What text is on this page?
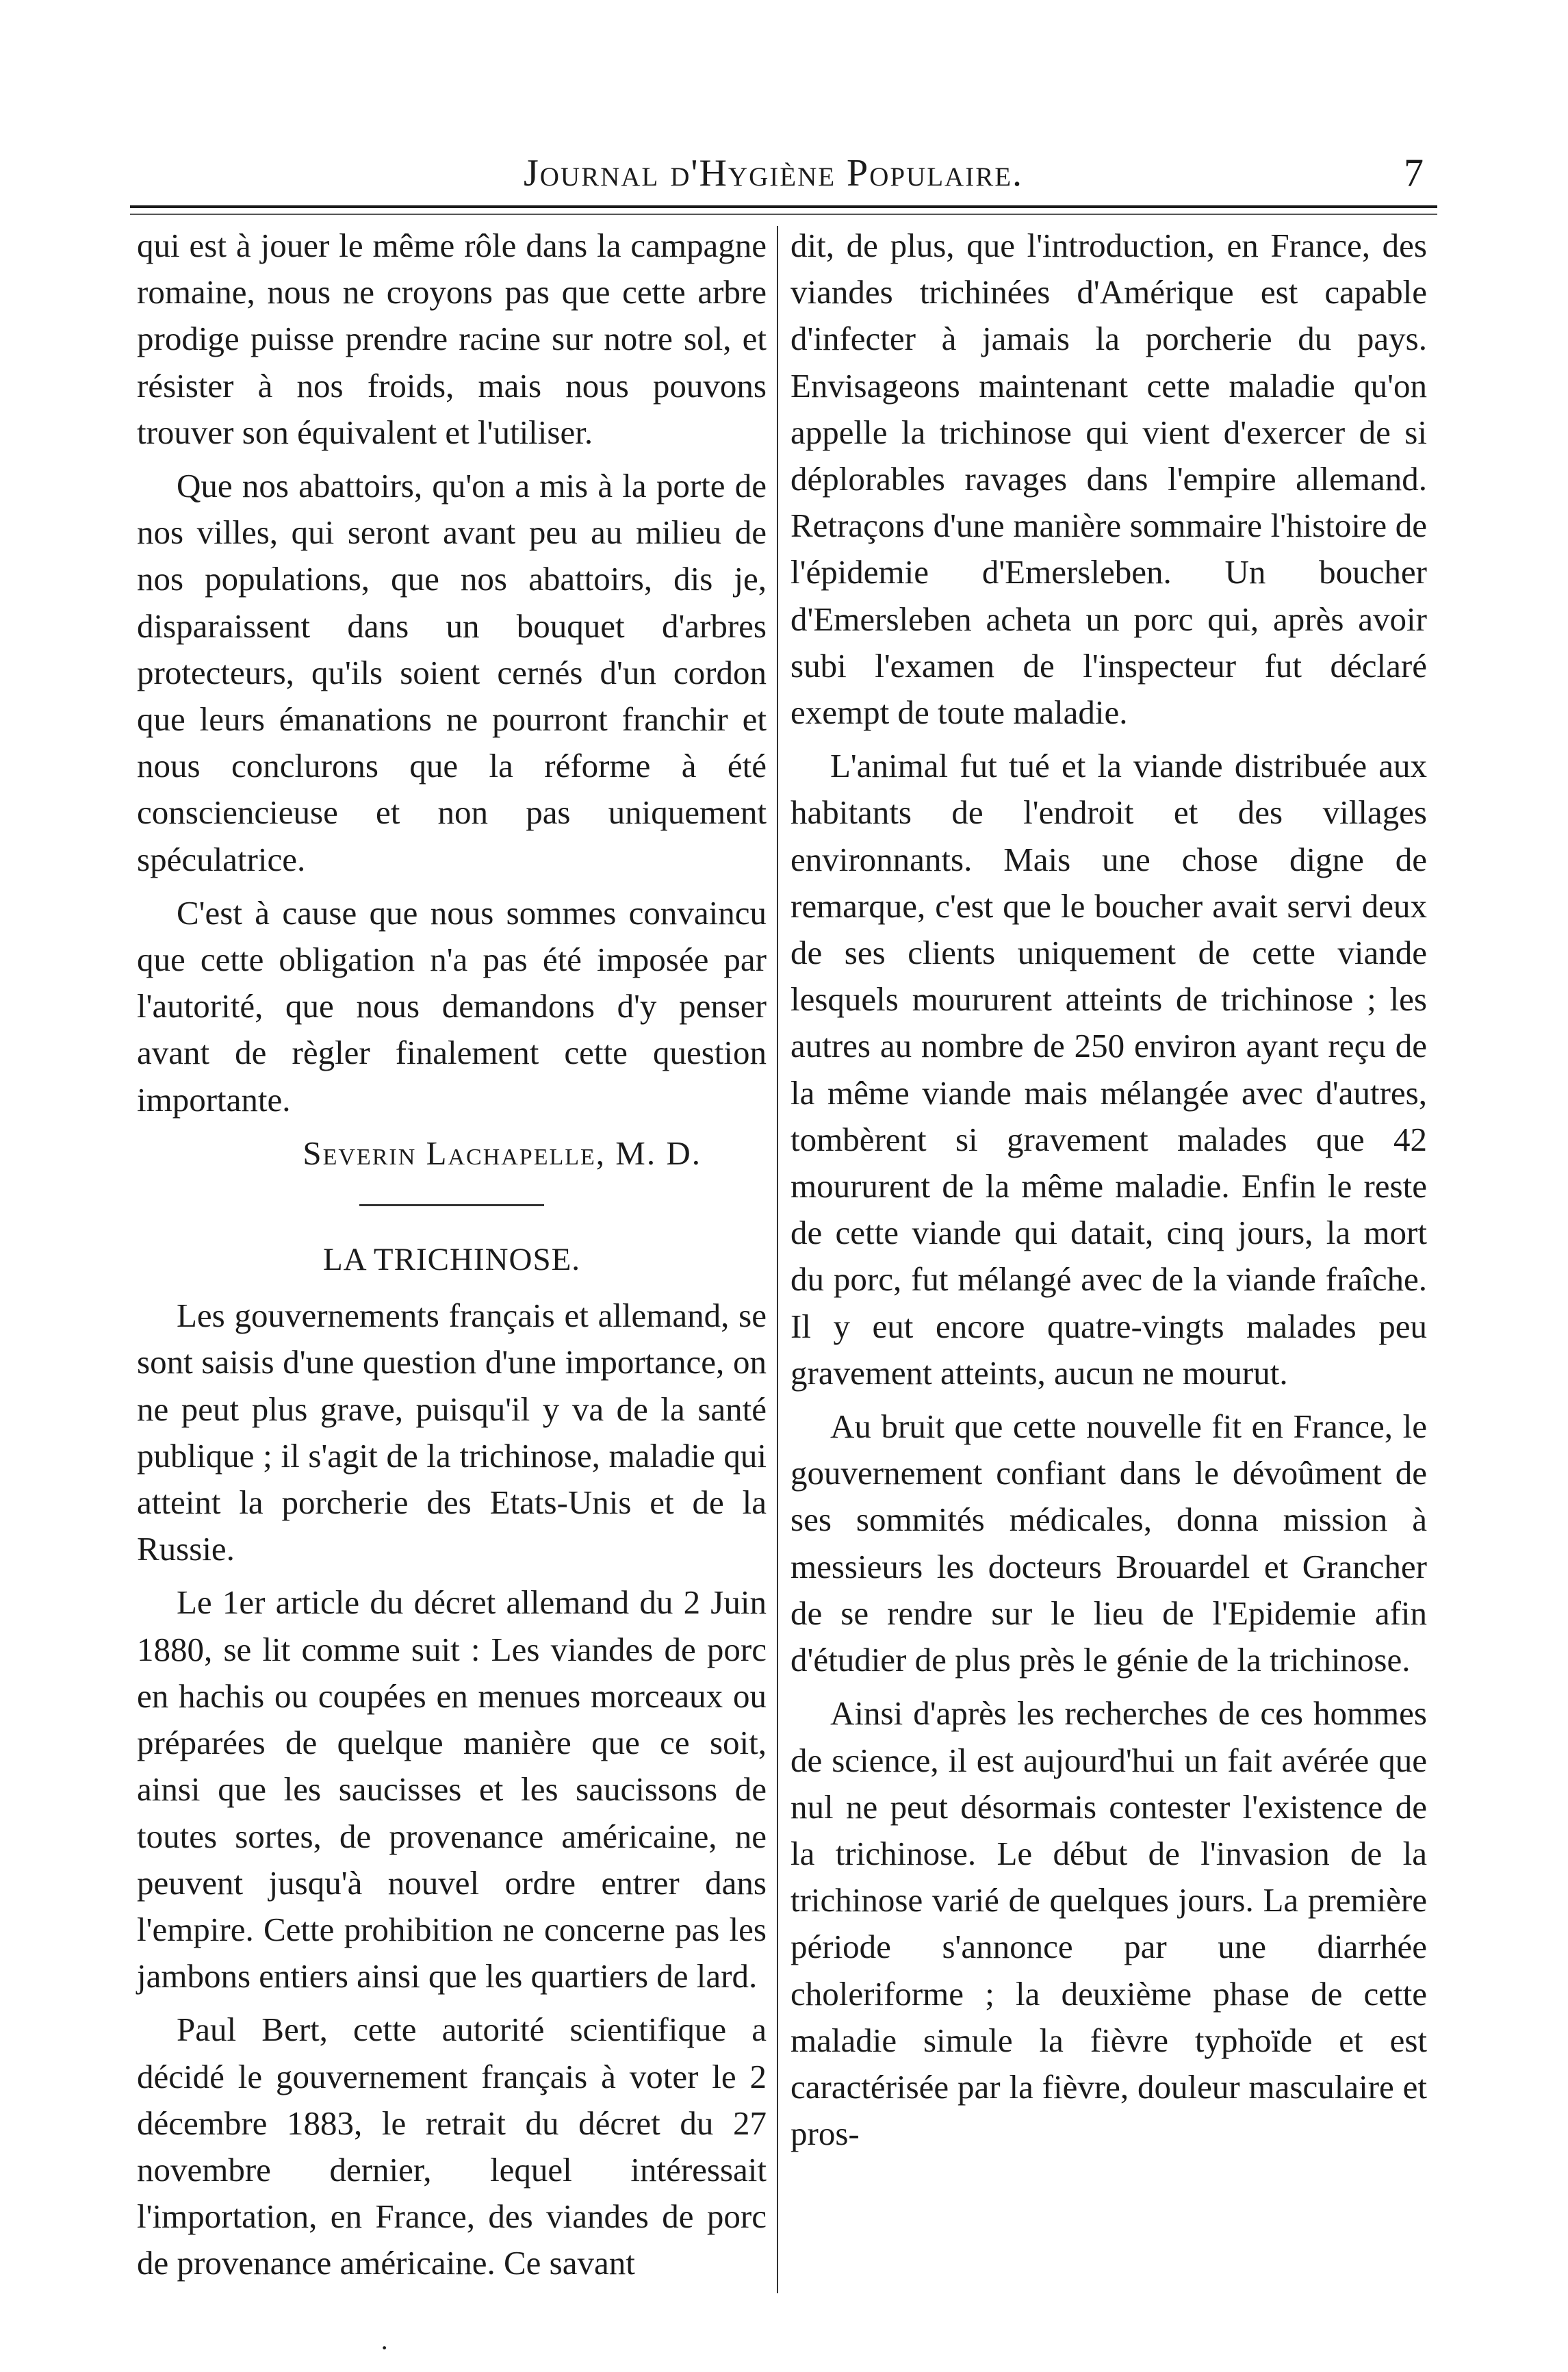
Journal d'Hygiène Populaire.	7

qui est à jouer le même rôle dans la campagne romaine, nous ne croyons pas que cette arbre prodige puisse prendre racine sur notre sol, et résister à nos froids, mais nous pouvons trouver son équivalent et l'utiliser.

Que nos abattoirs, qu'on a mis à la porte de nos villes, qui seront avant peu au milieu de nos populations, que nos abattoirs, dis je, disparaissent dans un bouquet d'arbres protecteurs, qu'ils soient cernés d'un cordon que leurs émanations ne pourront franchir et nous conclurons que la réforme à été consciencieuse et non pas uniquement spéculatrice.

C'est à cause que nous sommes convaincu que cette obligation n'a pas été imposée par l'autorité, que nous demandons d'y penser avant de règler finalement cette question importante.

Severin Lachapelle, M. D.
LA TRICHINOSE.

Les gouvernements français et allemand, se sont saisis d'une question d'une importance, on ne peut plus grave, puisqu'il y va de la santé publique ; il s'agit de la trichinose, maladie qui atteint la porcherie des Etats-Unis et de la Russie.

Le 1er article du décret allemand du 2 Juin 1880, se lit comme suit : Les viandes de porc en hachis ou coupées en menues morceaux ou préparées de quelque manière que ce soit, ainsi que les saucisses et les saucissons de toutes sortes, de provenance américaine, ne peuvent jusqu'à nouvel ordre entrer dans l'empire. Cette prohibition ne concerne pas les jambons entiers ainsi que les quartiers de lard.

Paul Bert, cette autorité scientifique a décidé le gouvernement français à voter le 2 décembre 1883, le retrait du décret du 27 novembre dernier, lequel intéressait l'importation, en France, des viandes de porc de provenance américaine. Ce savant

dit, de plus, que l'introduction, en France, des viandes trichinées d'Amérique est capable d'infecter à jamais la porcherie du pays. Envisageons maintenant cette maladie qu'on appelle la trichinose qui vient d'exercer de si déplorables ravages dans l'empire allemand. Retraçons d'une manière sommaire l'histoire de l'épidemie d'Emersleben. Un boucher d'Emersleben acheta un porc qui, après avoir subi l'examen de l'inspecteur fut déclaré exempt de toute maladie.

L'animal fut tué et la viande distribuée aux habitants de l'endroit et des villages environnants. Mais une chose digne de remarque, c'est que le boucher avait servi deux de ses clients uniquement de cette viande lesquels moururent atteints de trichinose ; les autres au nombre de 250 environ ayant reçu de la même viande mais mélangée avec d'autres, tombèrent si gravement malades que 42 moururent de la même maladie. Enfin le reste de cette viande qui datait, cinq jours, la mort du porc, fut mélangé avec de la viande fraîche. Il y eut encore quatre-vingts malades peu gravement atteints, aucun ne mourut.

Au bruit que cette nouvelle fit en France, le gouvernement confiant dans le dévoûment de ses sommités médicales, donna mission à messieurs les docteurs Brouardel et Grancher de se rendre sur le lieu de l'Epidemie afin d'étudier de plus près le génie de la trichinose.

Ainsi d'après les recherches de ces hommes de science, il est aujourd'hui un fait avérée que nul ne peut désormais contester l'existence de la trichinose. Le début de l'invasion de la trichinose varié de quelques jours. La première période s'annonce par une diarrhée choleriforme ; la deuxième phase de cette maladie simule la fièvre typhoïde et est caractérisée par la fièvre, douleur masculaire et pros-

·
